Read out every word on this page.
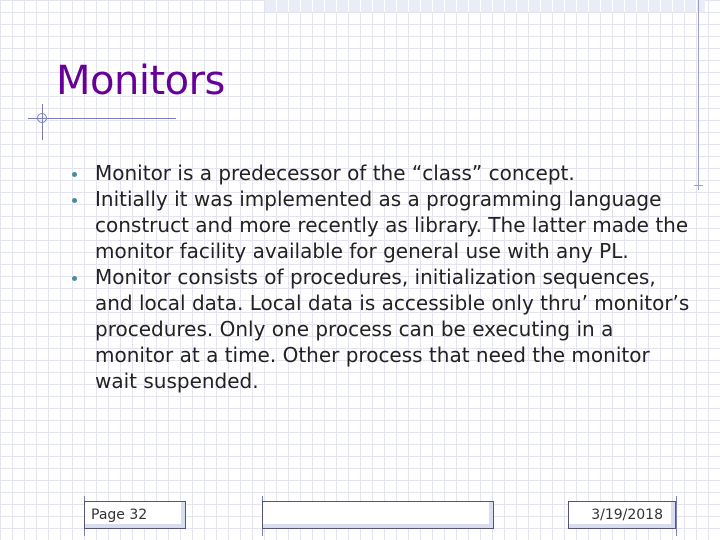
Monitors
Monitor is a predecessor of the “class” concept.
Initially it was implemented as a programming language construct and more recently as library. The latter made the monitor facility available for general use with any PL.
Monitor consists of procedures, initialization sequences, and local data. Local data is accessible only thru’ monitor’s procedures. Only one process can be executing in a monitor at a time. Other process that need the monitor wait suspended.
Page 32	3/19/2018
